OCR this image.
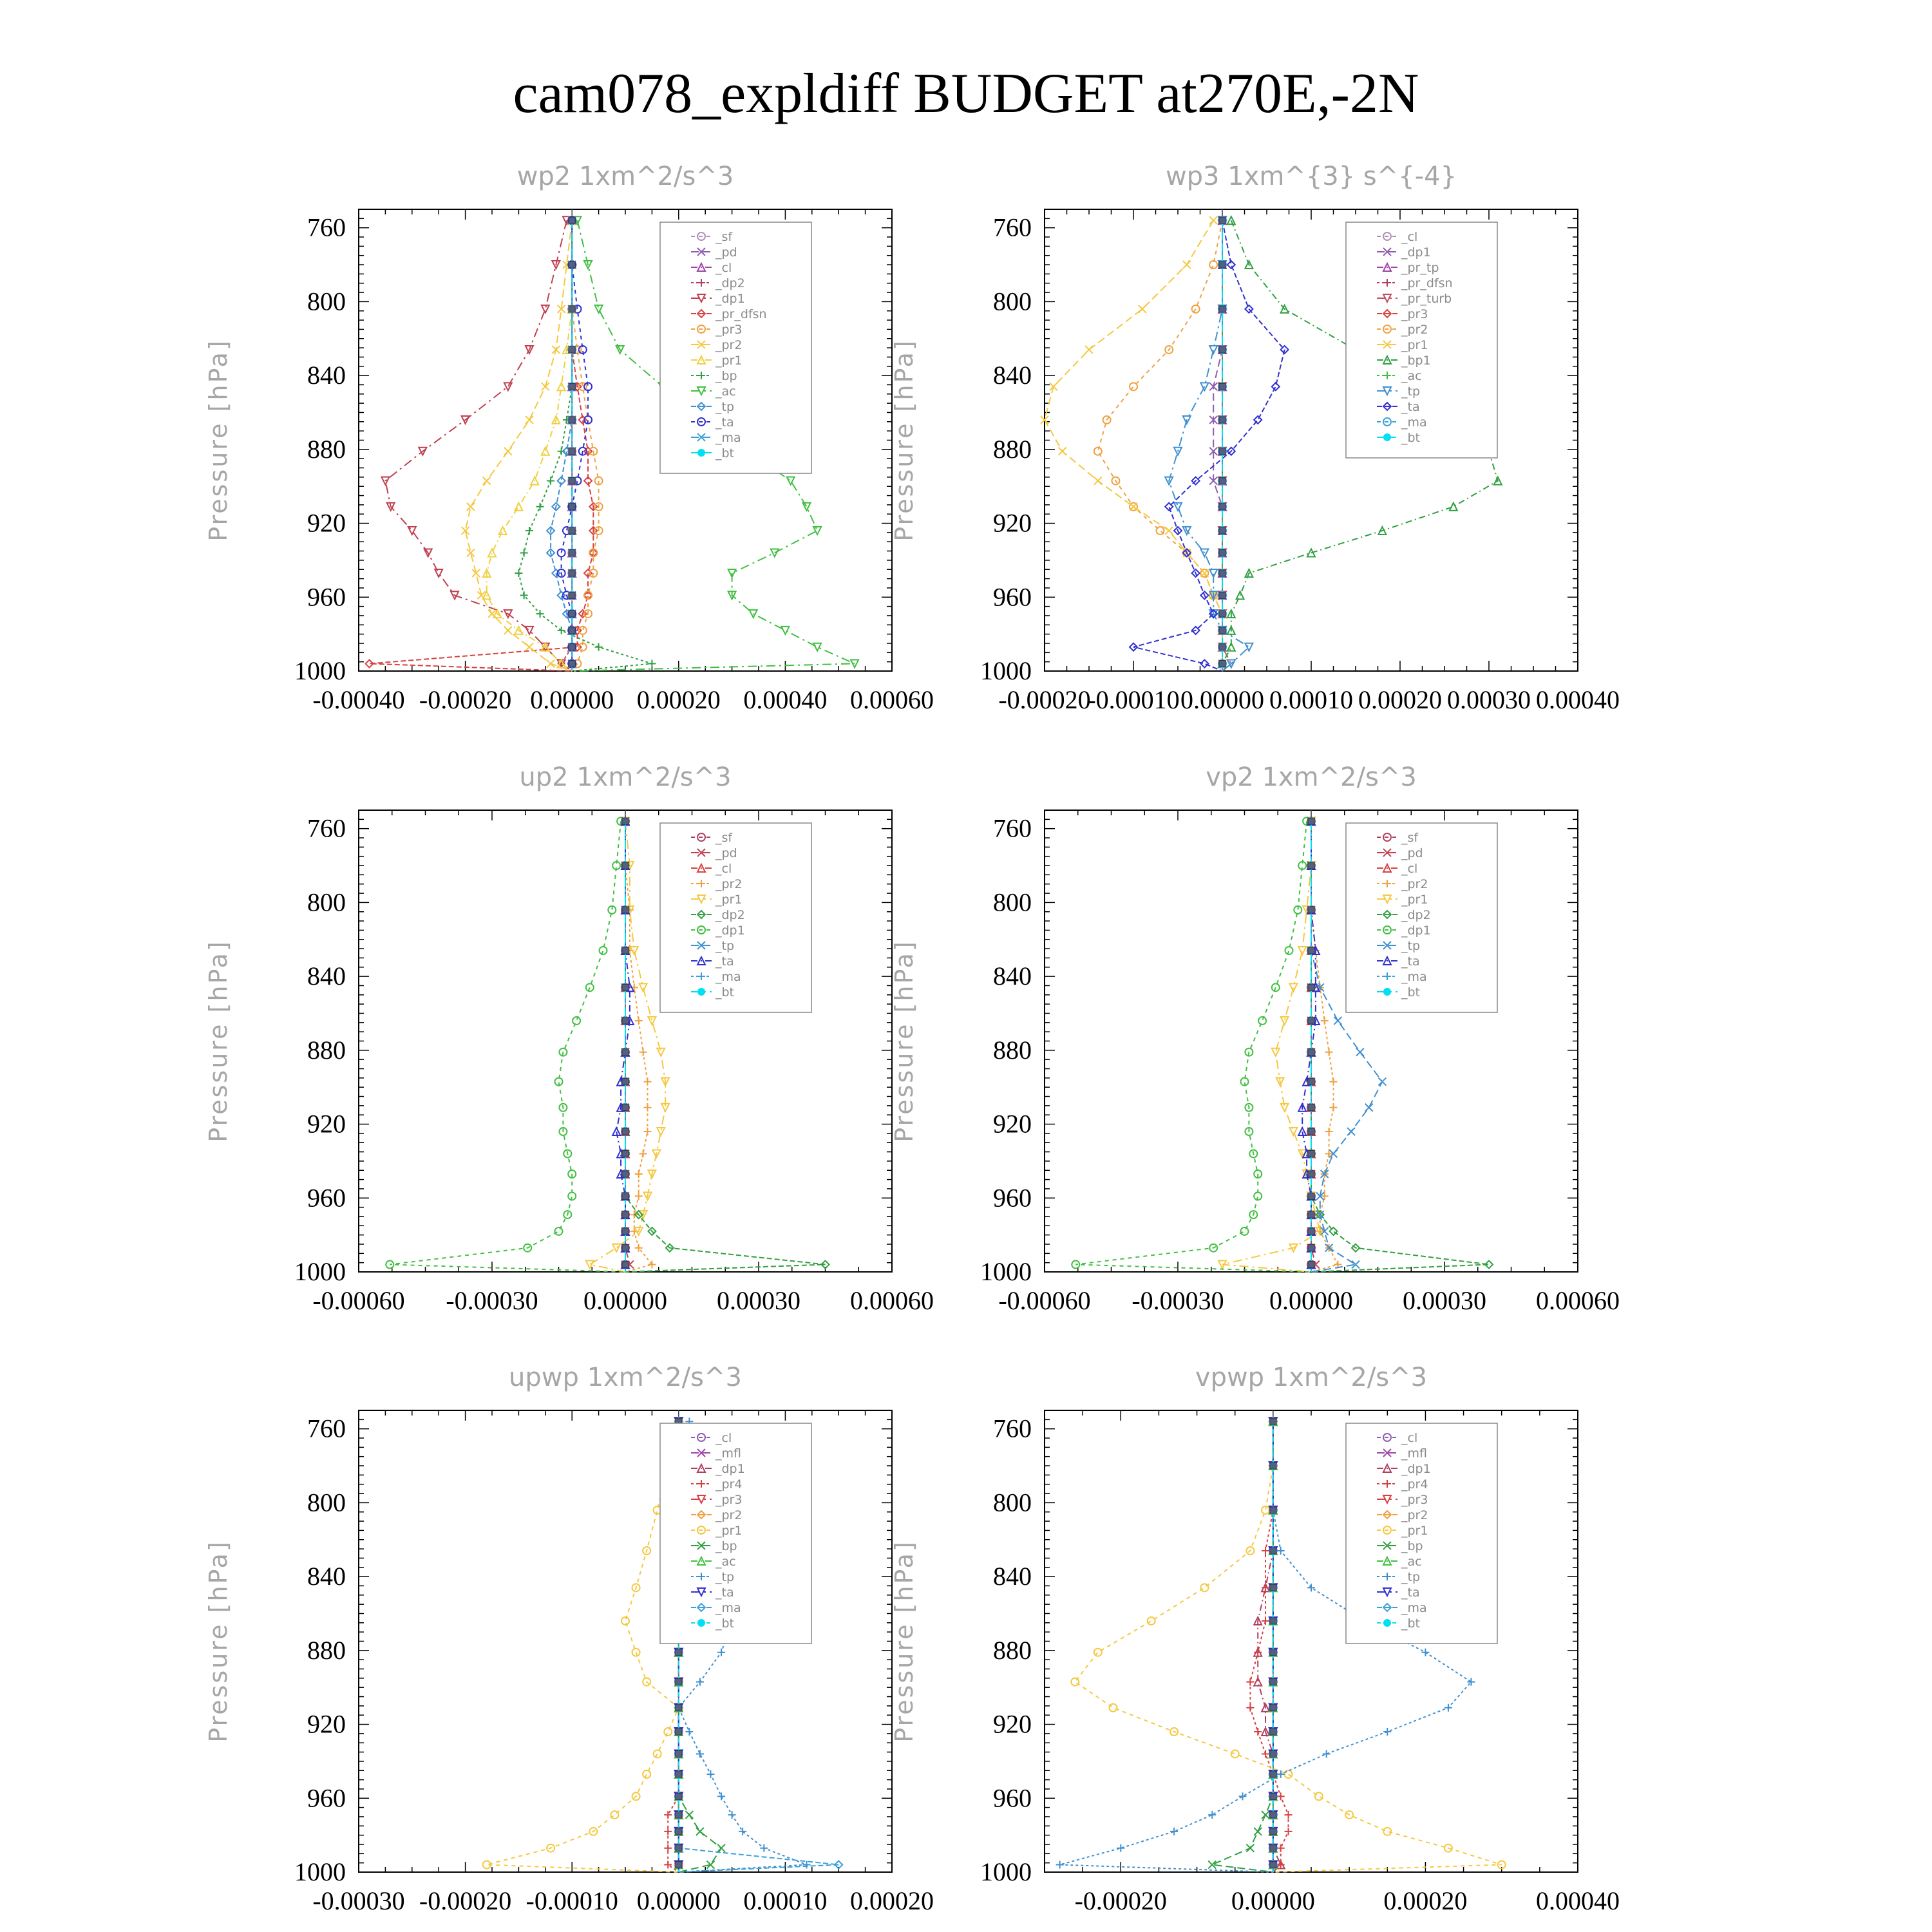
cam078_expldiff BUDGET at270E,-2N
wp2 1xm^2/s^3
Pressure [hPa]
760
800
840
880
920
960
1000
-0.00040 -0.00020 0.00000 0.00020 0.00040 0.00060
_sf
_pd
_cl
_dp2
_dp1
_pr_dfsn
_pr3
_pr2
_pr1
_bp
_ac
_tp
_ta
_ma
_bt
wp3 1xm^{3} s^{-4}
Pressure [hPa]
760
800
840
880
920
960
1000
-0.00020
-0.00010 0.00000 0.00010 0.00020 0.00030 0.00040
_cl
_dp1
_pr_tp
_pr_dfsn
_pr_turb
_pr3
_pr2
_pr1
_bp1
_ac
_tp
_ta
_ma
_bt
up2 1xm^2/s^3
Pressure [hPa]
760
800
840
880
920
960
1000
-0.00060 -0.00030 0.00000 0.00030 0.00060
_sf
_pd
_cl
_pr2
_pr1
_dp2
_dp1
_tp
_ta
_ma
_bt
vp2 1xm^2/s^3
Pressure [hPa]
760
800
840
880
920
960
1000
-0.00060 -0.00030 0.00000 0.00030 0.00060
_sf
_pd
_cl
_pr2
_pr1
_dp2
_dp1
_tp
_ta
_ma
_bt
upwp 1xm^2/s^3
Pressure [hPa]
760
800
840
880
920
960
1000
-0.00030 -0.00020 -0.00010 0.00000 0.00010 0.00020
_cl
_mfl
_dp1
_pr4
_pr3
_pr2
_pr1
_bp
_ac
_tp
_ta
_ma
_bt
vpwp 1xm^2/s^3
Pressure [hPa]
760
800
840
880
920
960
1000
-0.00020 0.00000	0.00020	0.00040
_cl
_mfl
_dp1
_pr4
_pr3
_pr2
_pr1
_bp
_ac
_tp
_ta
_ma
_bt
